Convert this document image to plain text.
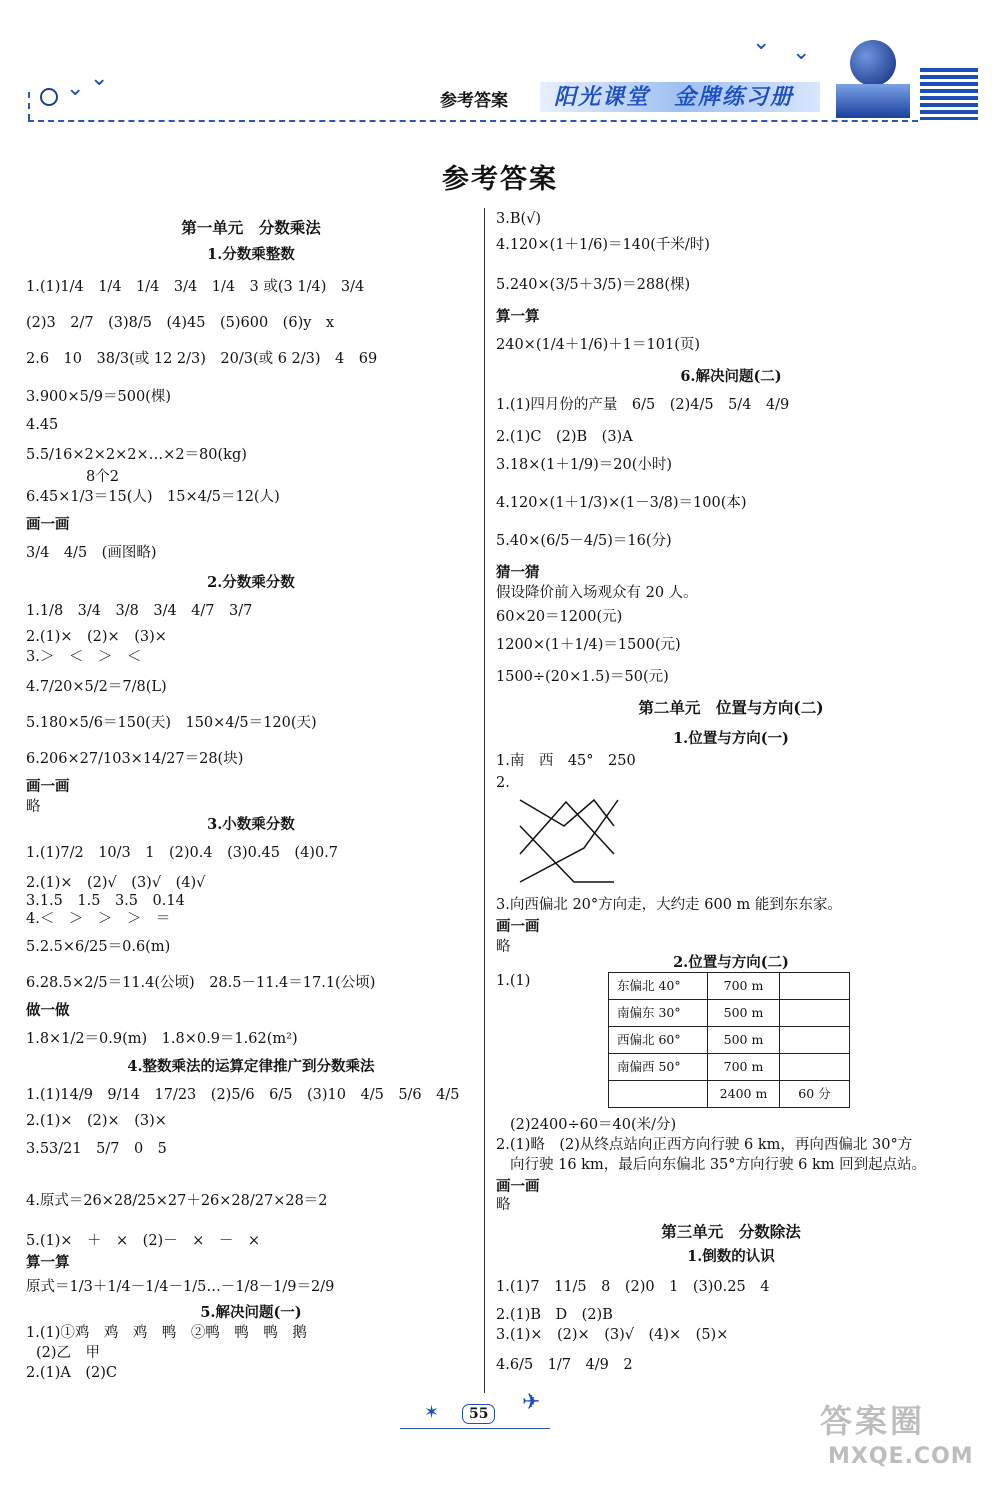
⌄ ⌄
⌄ ⌄
参考答案 阳光课堂　金牌练习册
参考答案
第一单元　分数乘法
1.分数乘整数
1.(1)1/4　1/4　1/4　3/4　1/4　3 或(3 1/4)　3/4
(2)3　2/7　(3)8/5　(4)45　(5)600　(6)y　x
2.6　10　38/3(或 12 2/3)　20/3(或 6 2/3)　4　69
3.900×5/9＝500(棵)
4.45
5.5/16×2×2×2×…×2＝80(kg)
8个2
6.45×1/3＝15(人)　15×4/5＝12(人)
画一画
3/4　4/5　(画图略)
2.分数乘分数
1.1/8　3/4　3/8　3/4　4/7　3/7
2.(1)×　(2)×　(3)×
3.＞　＜　＞　＜
4.7/20×5/2＝7/8(L)
5.180×5/6＝150(天)　150×4/5＝120(天)
6.206×27/103×14/27＝28(块)
画一画
略
3.小数乘分数
1.(1)7/2　10/3　1　(2)0.4　(3)0.45　(4)0.7
2.(1)×　(2)√　(3)√　(4)√
3.1.5　1.5　3.5　0.14
4.＜　＞　＞　＞　＝
5.2.5×6/25＝0.6(m)
6.28.5×2/5＝11.4(公顷)　28.5－11.4＝17.1(公顷)
做一做
1.8×1/2＝0.9(m)　1.8×0.9＝1.62(m²)
4.整数乘法的运算定律推广到分数乘法
1.(1)14/9　9/14　17/23　(2)5/6　6/5　(3)10　4/5　5/6　4/5
2.(1)×　(2)×　(3)×
3.53/21　5/7　0　5
4.原式＝26×28/25×27＋26×28/27×28＝2
5.(1)×　＋　×　(2)－　×　－　×
算一算
原式＝1/3＋1/4－1/4－1/5…－1/8－1/9＝2/9
5.解决问题(一)
1.(1)①鸡　鸡　鸡　鸭　②鸭　鸭　鸭　鹅
(2)乙　甲
2.(1)A　(2)C
东偏北 40°	700 m	
南偏东 30°	500 m	
西偏北 60°	500 m	
南偏西 50°	700 m	
	2400 m	60 分
3.B(√)
4.120×(1＋1/6)＝140(千米/时)
5.240×(3/5＋3/5)＝288(棵)
算一算
240×(1/4＋1/6)＋1＝101(页)
6.解决问题(二)
1.(1)四月份的产量　6/5　(2)4/5　5/4　4/9
2.(1)C　(2)B　(3)A
3.18×(1＋1/9)＝20(小时)
4.120×(1＋1/3)×(1－3/8)＝100(本)
5.40×(6/5－4/5)＝16(分)
猜一猜
假设降价前入场观众有 20 人。
60×20＝1200(元)
1200×(1＋1/4)＝1500(元)
1500÷(20×1.5)＝50(元)
第二单元　位置与方向(二)
1.位置与方向(一)
1.南　西　45°　250
2.
3.向西偏北 20°方向走，大约走 600 m 能到东东家。
画一画
略
2.位置与方向(二)
1.(1)
(2)2400÷60＝40(米/分)
2.(1)略　(2)从终点站向正西方向行驶 6 km，再向西偏北 30°方
向行驶 16 km，最后向东偏北 35°方向行驶 6 km 回到起点站。
画一画
略
第三单元　分数除法
1.倒数的认识
1.(1)7　11/5　8　(2)0　1　(3)0.25　4
2.(1)B　D　(2)B
3.(1)×　(2)×　(3)√　(4)×　(5)×
4.6/5　1/7　4/9　2
✶	✈
55	答案圈
MXQE.COM
